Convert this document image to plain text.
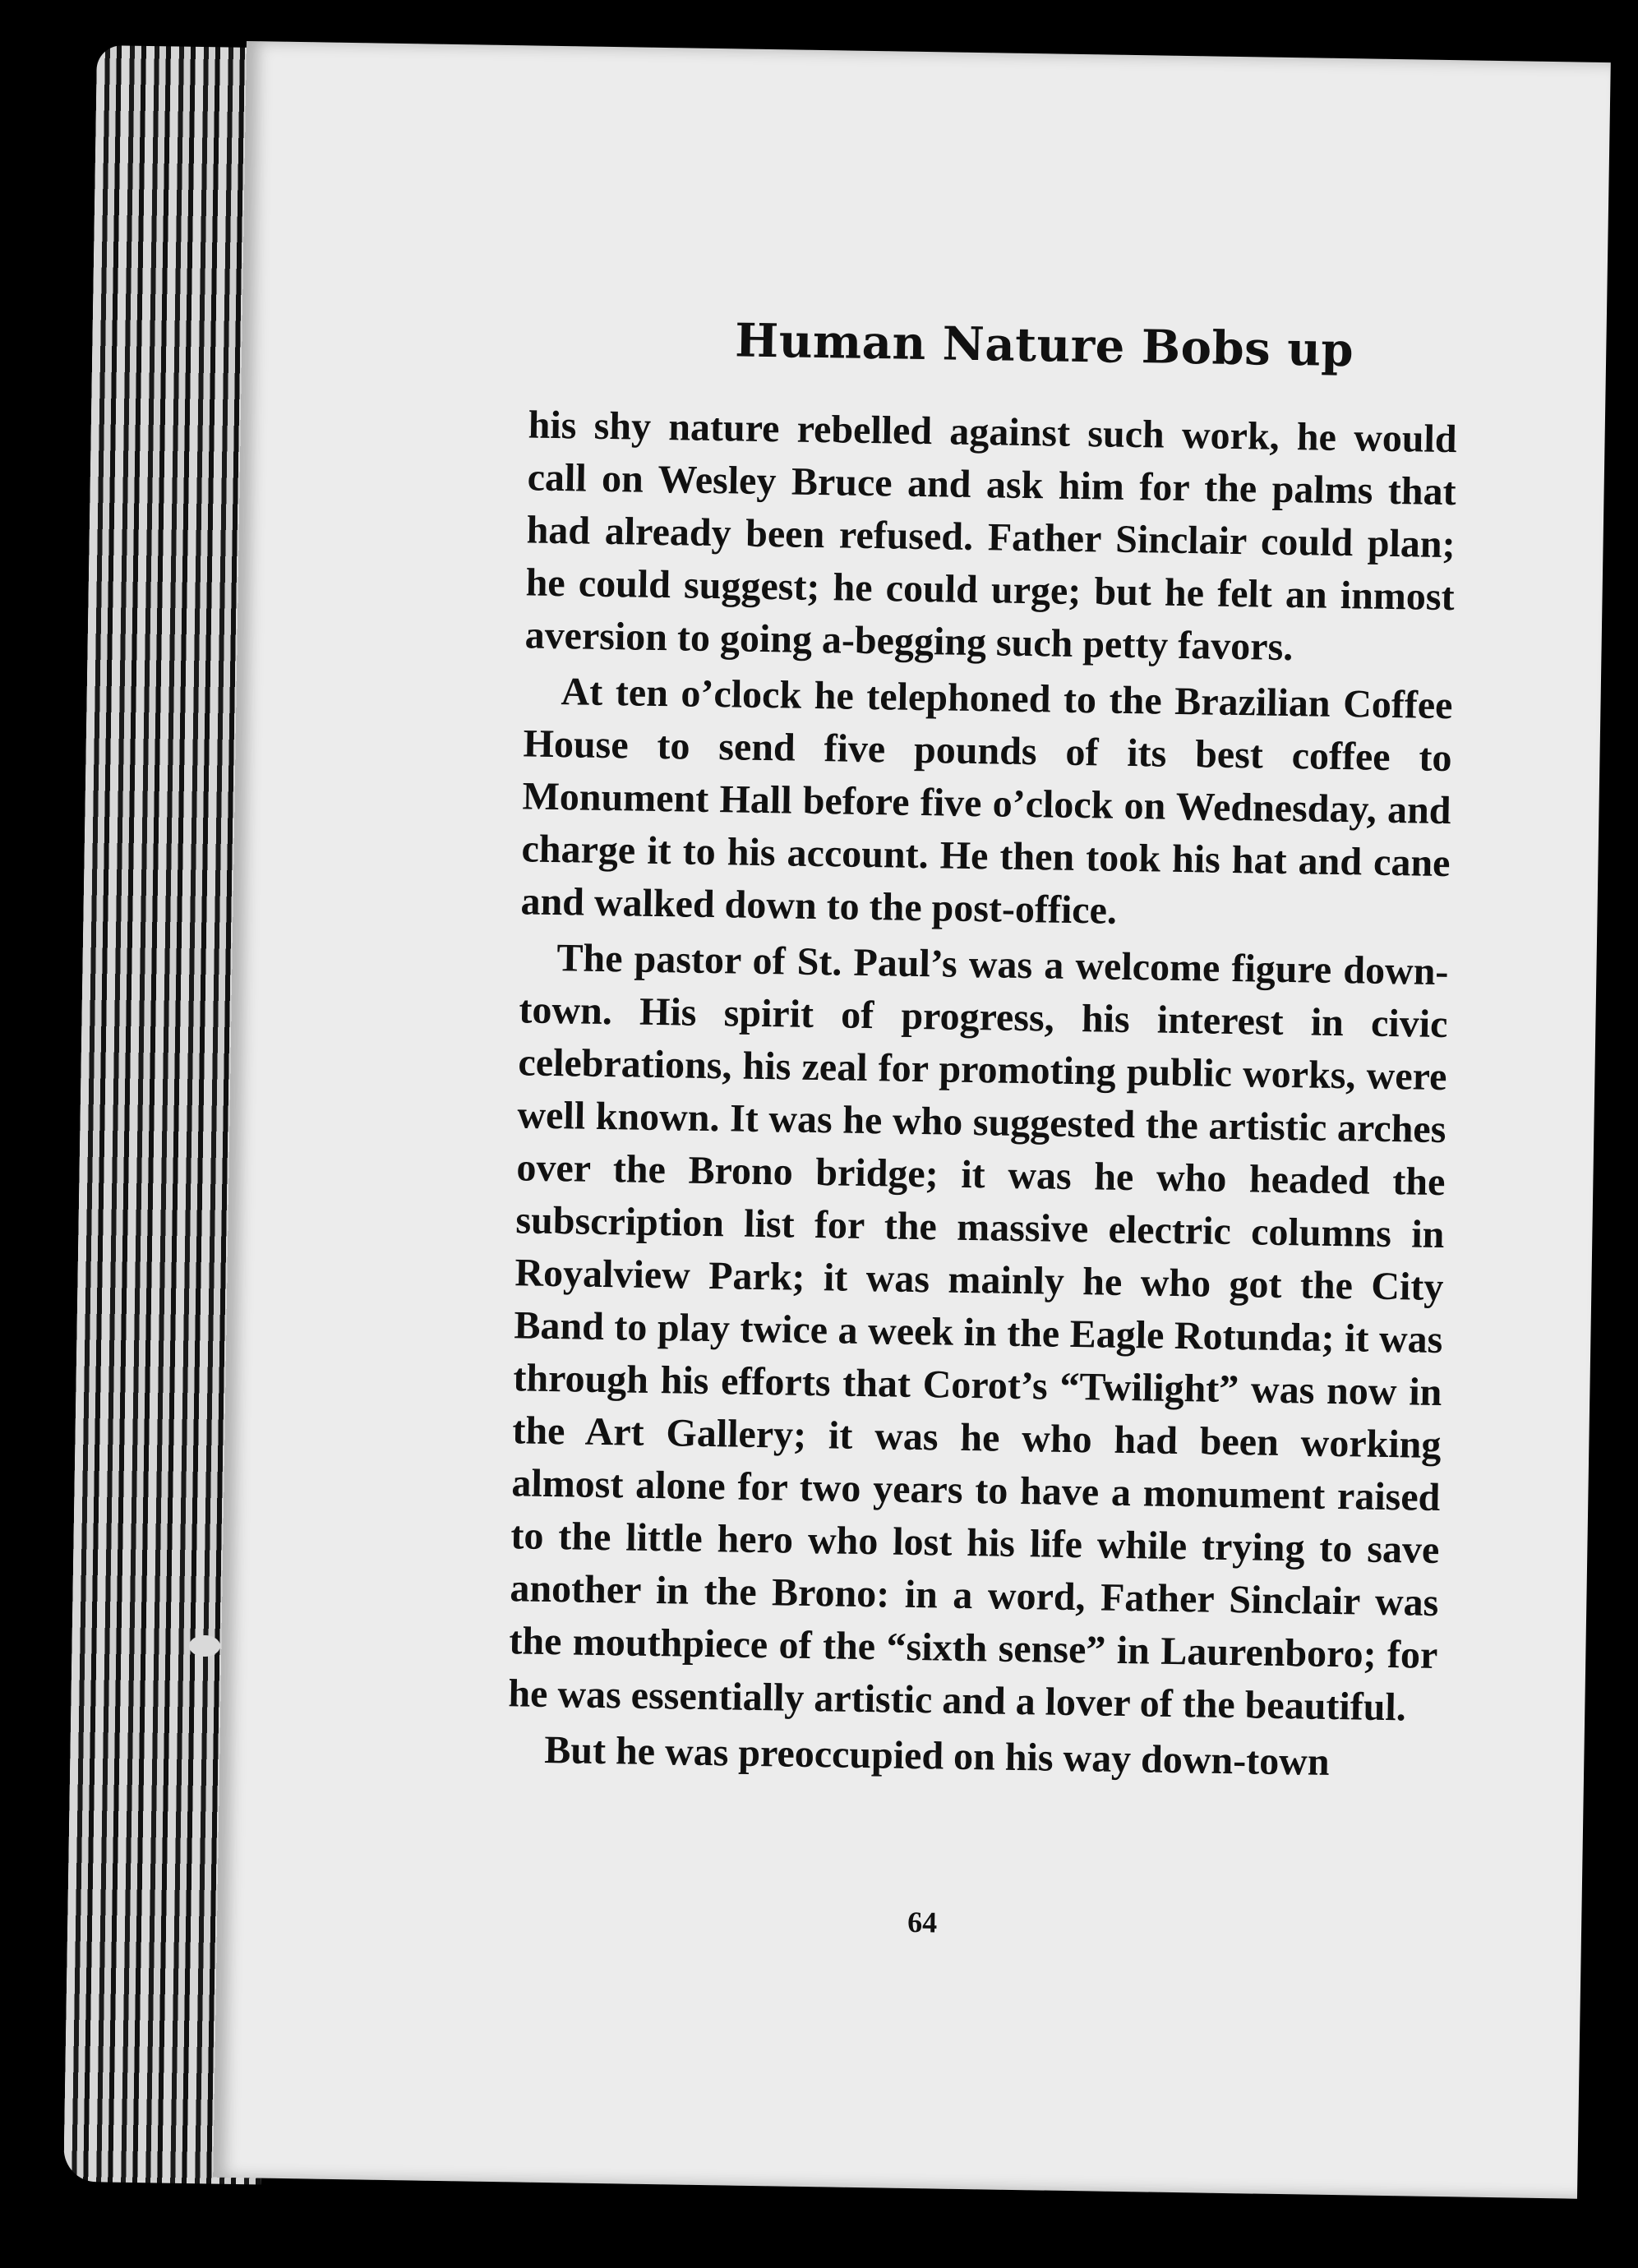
Human Nature Bobs up

his shy nature rebelled against such work, he would call on Wesley Bruce and ask him for the palms that had already been refused. Father Sinclair could plan; he could suggest; he could urge; but he felt an inmost aversion to going a-begging such petty favors.

At ten o’clock he telephoned to the Brazilian Coffee House to send five pounds of its best coffee to Monument Hall before five o’clock on Wednesday, and charge it to his account. He then took his hat and cane and walked down to the post-office.

The pastor of St. Paul’s was a welcome figure down-town. His spirit of progress, his interest in civic celebrations, his zeal for promoting public works, were well known. It was he who suggested the artistic arches over the Brono bridge; it was he who headed the subscription list for the massive electric columns in Royalview Park; it was mainly he who got the City Band to play twice a week in the Eagle Rotunda; it was through his efforts that Corot’s “Twilight” was now in the Art Gallery; it was he who had been working almost alone for two years to have a monument raised to the little hero who lost his life while trying to save another in the Brono: in a word, Father Sinclair was the mouthpiece of the “sixth sense” in Laurenboro; for he was essentially artistic and a lover of the beautiful.

But he was preoccupied on his way down-town

64
